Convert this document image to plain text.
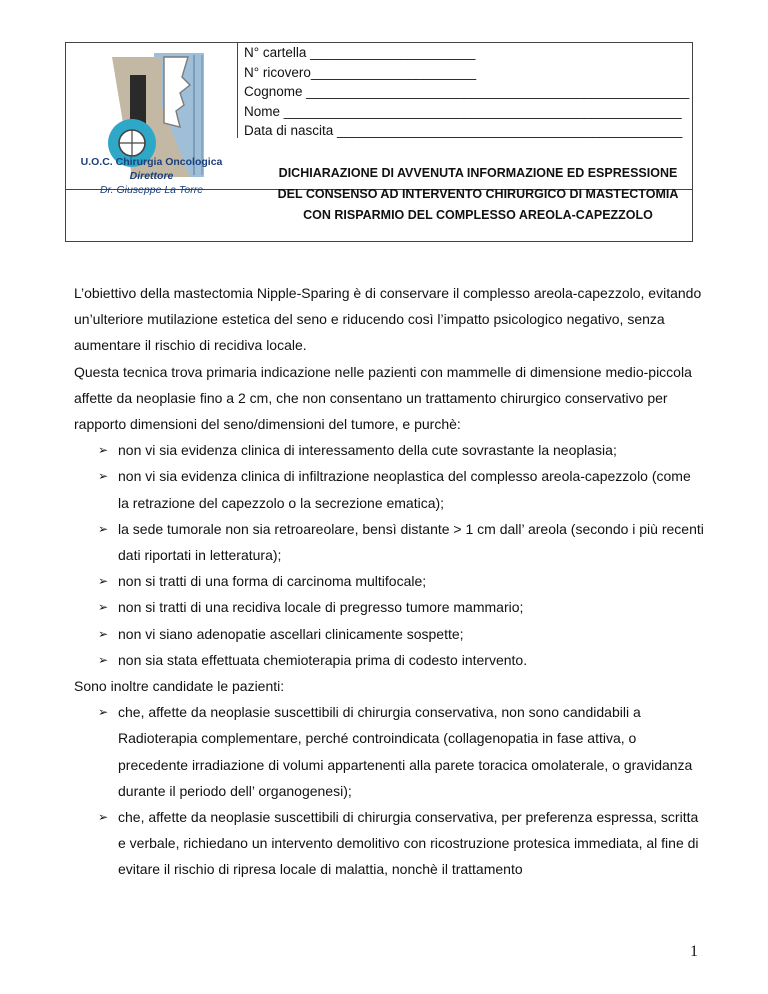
N° cartella ______________________
N° ricovero______________________
Cognome ___________________________________________________
Nome _____________________________________________________
Data di nascita ______________________________________________
U.O.C. Chirurgia Oncologica
Direttore
Dr. Giuseppe La Torre
DICHIARAZIONE DI AVVENUTA INFORMAZIONE ED ESPRESSIONE
DEL CONSENSO AD INTERVENTO CHIRURGICO DI MASTECTOMIA
CON RISPARMIO DEL COMPLESSO AREOLA-CAPEZZOLO

L’obiettivo della mastectomia Nipple-Sparing è di conservare il complesso areola-capezzolo, evitando un’ulteriore mutilazione estetica del seno e riducendo così l’impatto psicologico negativo, senza aumentare il rischio di recidiva locale.

Questa tecnica trova primaria indicazione nelle pazienti con mammelle di dimensione medio-piccola affette da neoplasie fino a 2 cm, che non consentano un trattamento chirurgico conservativo per rapporto dimensioni del seno/dimensioni del tumore, e purchè:

➢ non vi sia evidenza clinica di interessamento della cute sovrastante la neoplasia;
➢ non vi sia evidenza clinica di infiltrazione neoplastica del complesso areola-capezzolo (come la retrazione del capezzolo o la secrezione ematica);
➢ la sede tumorale non sia retroareolare, bensì distante > 1 cm dall’ areola (secondo i più recenti dati riportati in letteratura);
➢ non si tratti di una forma di carcinoma multifocale;
➢ non si tratti di una recidiva locale di pregresso tumore mammario;
➢ non vi siano adenopatie ascellari clinicamente sospette;
➢ non sia stata effettuata chemioterapia prima di codesto intervento.

Sono inoltre candidate le pazienti:

➢ che, affette da neoplasie suscettibili di chirurgia conservativa, non sono candidabili a Radioterapia complementare, perché controindicata (collagenopatia in fase attiva, o precedente irradiazione di volumi appartenenti alla parete toracica omolaterale, o gravidanza durante il periodo dell’ organogenesi);
➢ che, affette da neoplasie suscettibili di chirurgia conservativa, per preferenza espressa, scritta e verbale, richiedano un intervento demolitivo con ricostruzione protesica immediata, al fine di evitare il rischio di ripresa locale di malattia, nonchè il trattamento
1
